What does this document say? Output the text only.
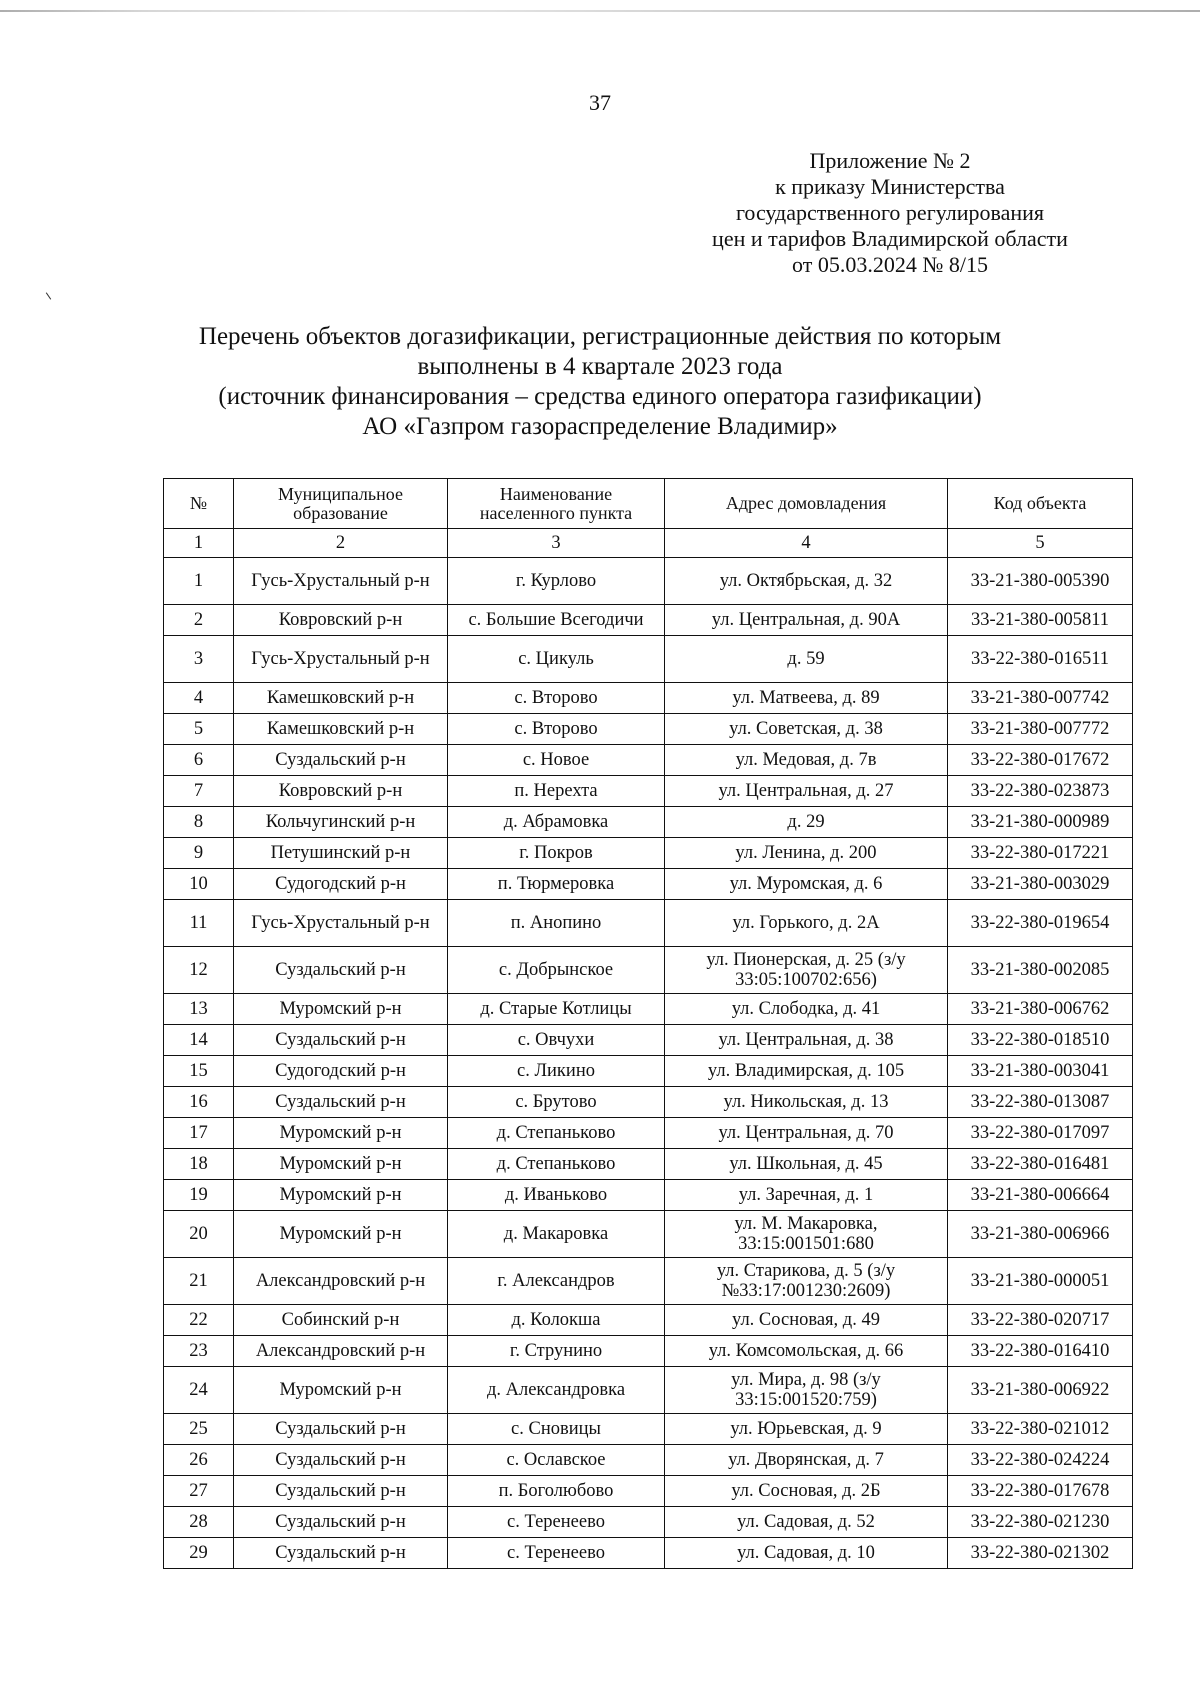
37
Приложение № 2
к приказу Министерства
государственного регулирования
цен и тарифов Владимирской области
от 05.03.2024 № 8/15
Перечень объектов догазификации, регистрационные действия по которым
выполнены в 4 квартале 2023 года
(источник финансирования – средства единого оператора газификации)
АО «Газпром газораспределение Владимир»
№	Муниципальное образование	Наименование населенного пункта	Адрес домовладения	Код объекта
1	2	3	4	5
1	Гусь-Хрустальный р-н	г. Курлово	ул. Октябрьская, д. 32	33-21-380-005390
2	Ковровский р-н	с. Большие Всегодичи	ул. Центральная, д. 90А	33-21-380-005811
3	Гусь-Хрустальный р-н	с. Цикуль	д. 59	33-22-380-016511
4	Камешковский р-н	с. Второво	ул. Матвеева, д. 89	33-21-380-007742
5	Камешковский р-н	с. Второво	ул. Советская, д. 38	33-21-380-007772
6	Суздальский р-н	с. Новое	ул. Медовая, д. 7в	33-22-380-017672
7	Ковровский р-н	п. Нерехта	ул. Центральная, д. 27	33-22-380-023873
8	Кольчугинский р-н	д. Абрамовка	д. 29	33-21-380-000989
9	Петушинский р-н	г. Покров	ул. Ленина, д. 200	33-22-380-017221
10	Судогодский р-н	п. Тюрмеровка	ул. Муромская, д. 6	33-21-380-003029
11	Гусь-Хрустальный р-н	п. Анопино	ул. Горького, д. 2А	33-22-380-019654
12	Суздальский р-н	с. Добрынское	ул. Пионерская, д. 25 (з/у 33:05:100702:656)	33-21-380-002085
13	Муромский р-н	д. Старые Котлицы	ул. Слободка, д. 41	33-21-380-006762
14	Суздальский р-н	с. Овчухи	ул. Центральная, д. 38	33-22-380-018510
15	Судогодский р-н	с. Ликино	ул. Владимирская, д. 105	33-21-380-003041
16	Суздальский р-н	с. Брутово	ул. Никольская, д. 13	33-22-380-013087
17	Муромский р-н	д. Степаньково	ул. Центральная, д. 70	33-22-380-017097
18	Муромский р-н	д. Степаньково	ул. Школьная, д. 45	33-22-380-016481
19	Муромский р-н	д. Иваньково	ул. Заречная, д. 1	33-21-380-006664
20	Муромский р-н	д. Макаровка	ул. М. Макаровка, 33:15:001501:680	33-21-380-006966
21	Александровский р-н	г. Александров	ул. Старикова, д. 5 (з/у №33:17:001230:2609)	33-21-380-000051
22	Собинский р-н	д. Колокша	ул. Сосновая, д. 49	33-22-380-020717
23	Александровский р-н	г. Струнино	ул. Комсомольская, д. 66	33-22-380-016410
24	Муромский р-н	д. Александровка	ул. Мира, д. 98 (з/у 33:15:001520:759)	33-21-380-006922
25	Суздальский р-н	с. Сновицы	ул. Юрьевская, д. 9	33-22-380-021012
26	Суздальский р-н	с. Ославское	ул. Дворянская, д. 7	33-22-380-024224
27	Суздальский р-н	п. Боголюбово	ул. Сосновая, д. 2Б	33-22-380-017678
28	Суздальский р-н	с. Теренеево	ул. Садовая, д. 52	33-22-380-021230
29	Суздальский р-н	с. Теренеево	ул. Садовая, д. 10	33-22-380-021302
